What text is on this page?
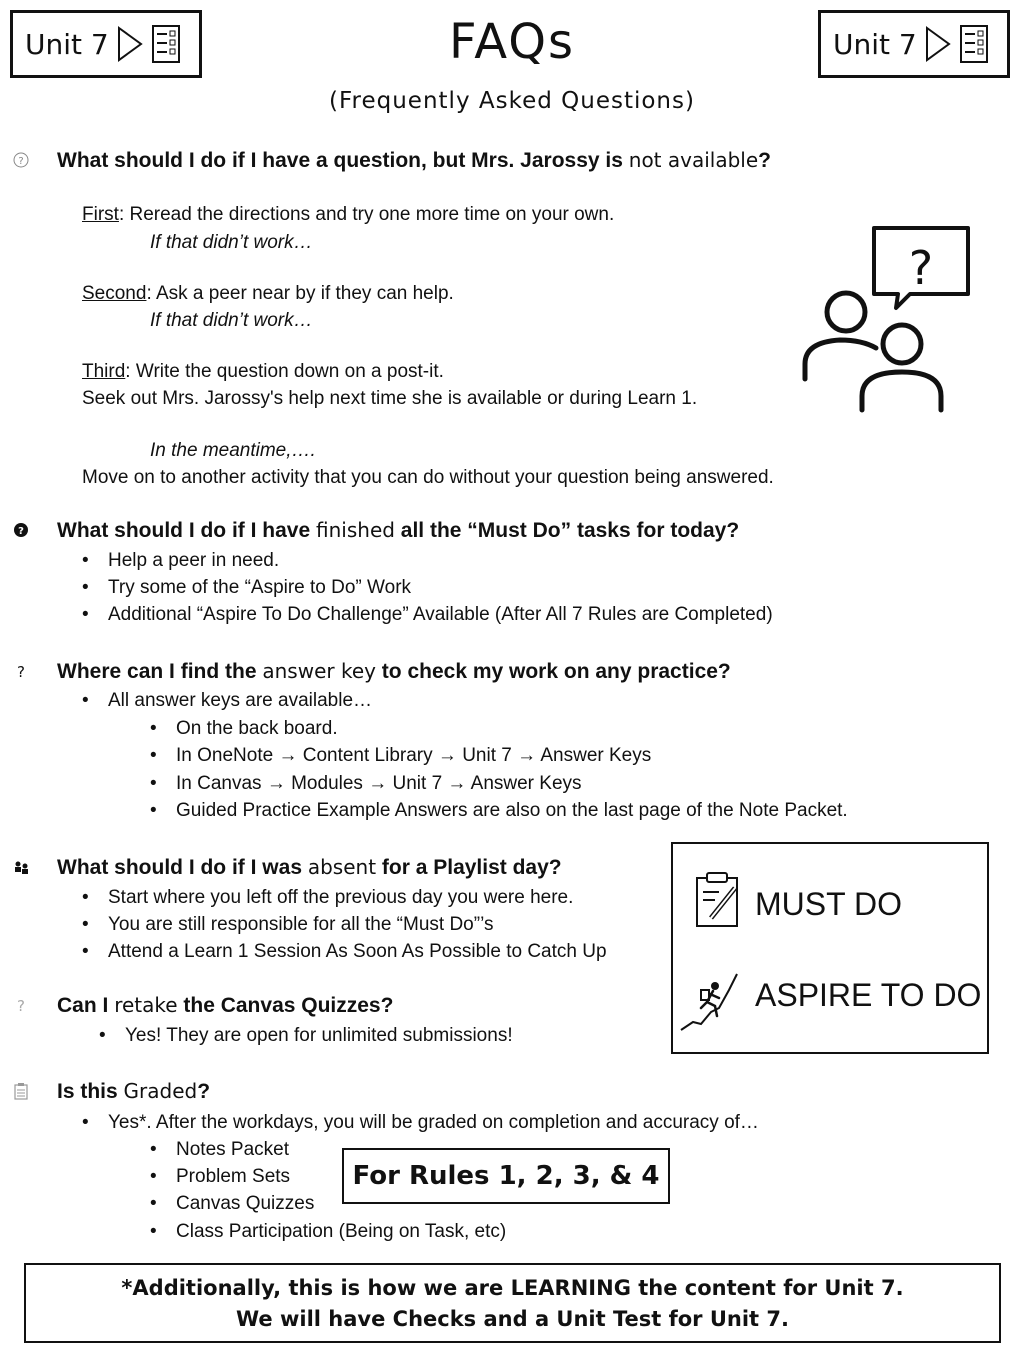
Unit 7	Unit 7
FAQs
(Frequently Asked Questions)
? What should I do if I have a question, but Mrs. Jarossy is not available?
First: Reread the directions and try one more time on your own.
If that didn’t work…
Second: Ask a peer near by if they can help.
If that didn’t work…
Third: Write the question down on a post-it.
Seek out Mrs. Jarossy's help next time she is available or during Learn 1.
In the meantime,….
Move on to another activity that you can do without your question being answered.
?
? What should I do if I have finished all the “Must Do” tasks for today?
• Help a peer in need.
• Try some of the “Aspire to Do” Work
• Additional “Aspire To Do Challenge” Available (After All 7 Rules are Completed)
? Where can I find the answer key to check my work on any practice?
• All answer keys are available…
• On the back board.
• In OneNote → Content Library → Unit 7 → Answer Keys
• In Canvas → Modules → Unit 7 → Answer Keys
• Guided Practice Example Answers are also on the last page of the Note Packet.
What should I do if I was absent for a Playlist day?
• Start where you left off the previous day you were here.
• You are still responsible for all the “Must Do”’s
• Attend a Learn 1 Session As Soon As Possible to Catch Up
? Can I retake the Canvas Quizzes?
• Yes! They are open for unlimited submissions!
Is this Graded?
• Yes*. After the workdays, you will be graded on completion and accuracy of…
• Notes Packet
• Problem Sets
• Canvas Quizzes
• Class Participation (Being on Task, etc)
MUST DO
ASPIRE TO DO
For Rules 1, 2, 3, & 4
*Additionally, this is how we are LEARNING the content for Unit 7.
We will have Checks and a Unit Test for Unit 7.
